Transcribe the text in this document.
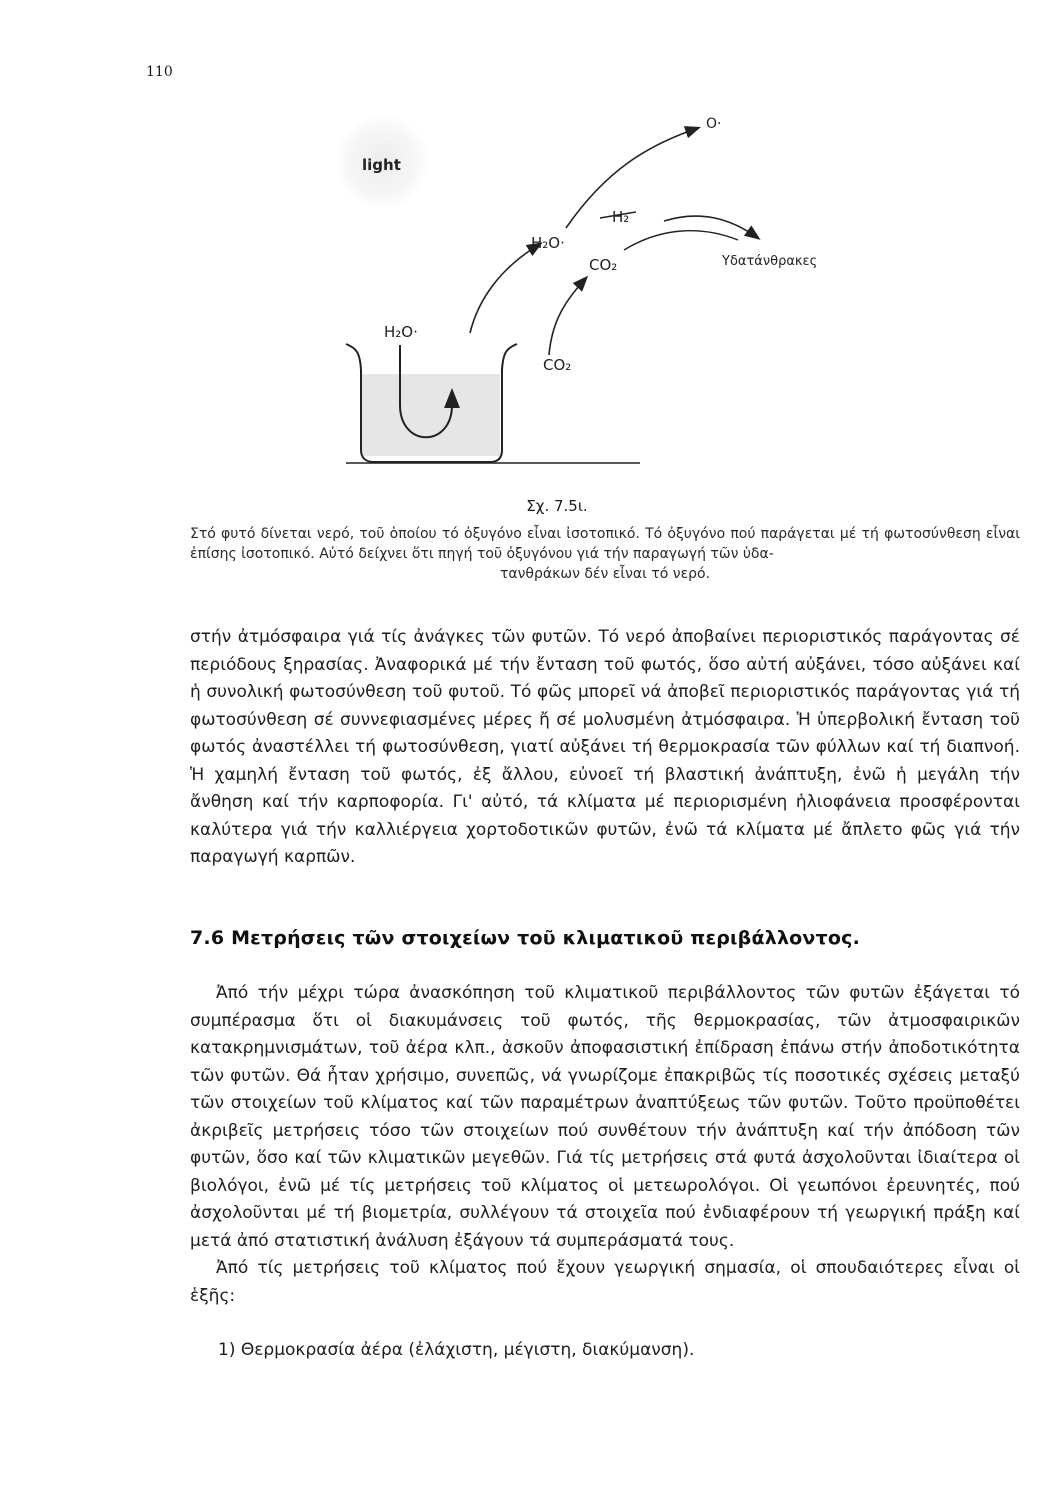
110
light
O·
H₂O·
H₂
CO₂	Υδατάνθρακες
H₂O·
CO₂
Σχ. 7.5ι.
Στό φυτό δίνεται νερό, τοῦ ὁποίου τό ὀξυγόνο εἶναι ἰσοτοπικό. Τό ὀξυγόνο πού παράγεται μέ τή φωτοσύνθεση εἶναι ἐπίσης ἰσοτοπικό. Αὐτό δείχνει ὅτι πηγή τοῦ ὀξυγόνου γιά τήν παραγωγή τῶν ὑδα-
τανθράκων δέν εἶναι τό νερό.

στήν ἀτμόσφαιρα γιά τίς ἀνάγκες τῶν φυτῶν. Τό νερό ἀποβαίνει περιοριστικός παράγοντας σέ περιόδους ξηρασίας. Ἀναφορικά μέ τήν ἔνταση τοῦ φωτός, ὅσο αὐτή αὐξάνει, τόσο αὐξάνει καί ἡ συνολική φωτοσύνθεση τοῦ φυτοῦ. Τό φῶς μπορεῖ νά ἀποβεῖ περιοριστικός παράγοντας γιά τή φωτοσύνθεση σέ συννεφιασμένες μέρες ἤ σέ μολυσμένη ἀτμόσφαιρα. Ἡ ὑπερβολική ἔνταση τοῦ φωτός ἀναστέλλει τή φωτοσύνθεση, γιατί αὐξάνει τή θερμοκρασία τῶν φύλλων καί τή διαπνοή. Ἡ χαμηλή ἔνταση τοῦ φωτός, ἐξ ἄλλου, εὐνοεῖ τή βλαστική ἀνάπτυξη, ἐνῶ ἡ μεγάλη τήν ἄνθηση καί τήν καρποφορία. Γι' αὐτό, τά κλίματα μέ περιορισμένη ἡλιοφάνεια προσφέρονται καλύτερα γιά τήν καλλιέργεια χορτοδοτικῶν φυτῶν, ἐνῶ τά κλίματα μέ ἄπλετο φῶς γιά τήν παραγωγή καρπῶν.

7.6 Μετρήσεις τῶν στοιχείων τοῦ κλιματικοῦ περιβάλλοντος.

Ἀπό τήν μέχρι τώρα ἀνασκόπηση τοῦ κλιματικοῦ περιβάλλοντος τῶν φυτῶν ἐξάγεται τό συμπέρασμα ὅτι οἱ διακυμάνσεις τοῦ φωτός, τῆς θερμοκρασίας, τῶν ἀτμοσφαιρικῶν κατακρημνισμάτων, τοῦ ἀέρα κλπ., ἀσκοῦν ἀποφασιστική ἐπίδραση ἐπάνω στήν ἀποδοτικότητα τῶν φυτῶν. Θά ἦταν χρήσιμο, συνεπῶς, νά γνωρίζομε ἐπακριβῶς τίς ποσοτικές σχέσεις μεταξύ τῶν στοιχείων τοῦ κλίματος καί τῶν παραμέτρων ἀναπτύξεως τῶν φυτῶν. Τοῦτο προϋποθέτει ἀκριβεῖς μετρήσεις τόσο τῶν στοιχείων πού συνθέτουν τήν ἀνάπτυξη καί τήν ἀπόδοση τῶν φυτῶν, ὅσο καί τῶν κλιματικῶν μεγεθῶν. Γιά τίς μετρήσεις στά φυτά ἀσχολοῦνται ἰδιαίτερα οἱ βιολόγοι, ἐνῶ μέ τίς μετρήσεις τοῦ κλίματος οἱ μετεωρολόγοι. Οἱ γεωπόνοι ἐρευνητές, πού ἀσχολοῦνται μέ τή βιομετρία, συλλέγουν τά στοιχεῖα πού ἐνδιαφέρουν τή γεωργική πράξη καί μετά ἀπό στατιστική ἀνάλυση ἐξάγουν τά συμπεράσματά τους.

Ἀπό τίς μετρήσεις τοῦ κλίματος πού ἔχουν γεωργική σημασία, οἱ σπουδαιότερες εἶναι οἱ ἑξῆς:

1) Θερμοκρασία ἀέρα (ἐλάχιστη, μέγιστη, διακύμανση).
